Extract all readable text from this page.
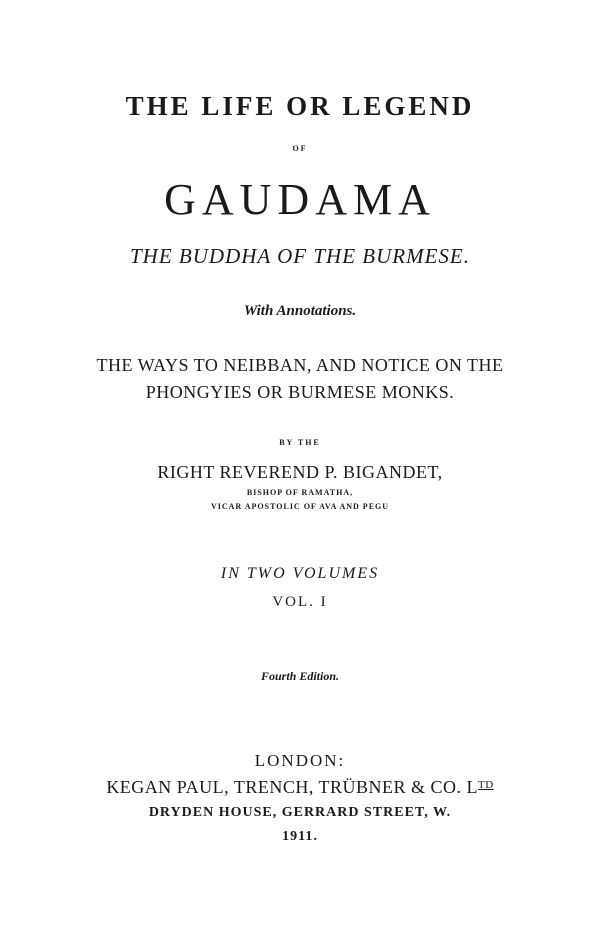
THE LIFE OR LEGEND
OF
GAUDAMA
THE BUDDHA OF THE BURMESE.
With Annotations.
THE WAYS TO NEIBBAN, AND NOTICE ON THE
PHONGYIES OR BURMESE MONKS.
BY THE
RIGHT REVEREND P. BIGANDET,
BISHOP OF RAMATHA,
VICAR APOSTOLIC OF AVA AND PEGU
IN TWO VOLUMES
VOL. I
Fourth Edition.
LONDON:
KEGAN PAUL, TRENCH, TRÜBNER & CO. $L^{TD}$
DRYDEN HOUSE, GERRARD STREET, W.
1911.
